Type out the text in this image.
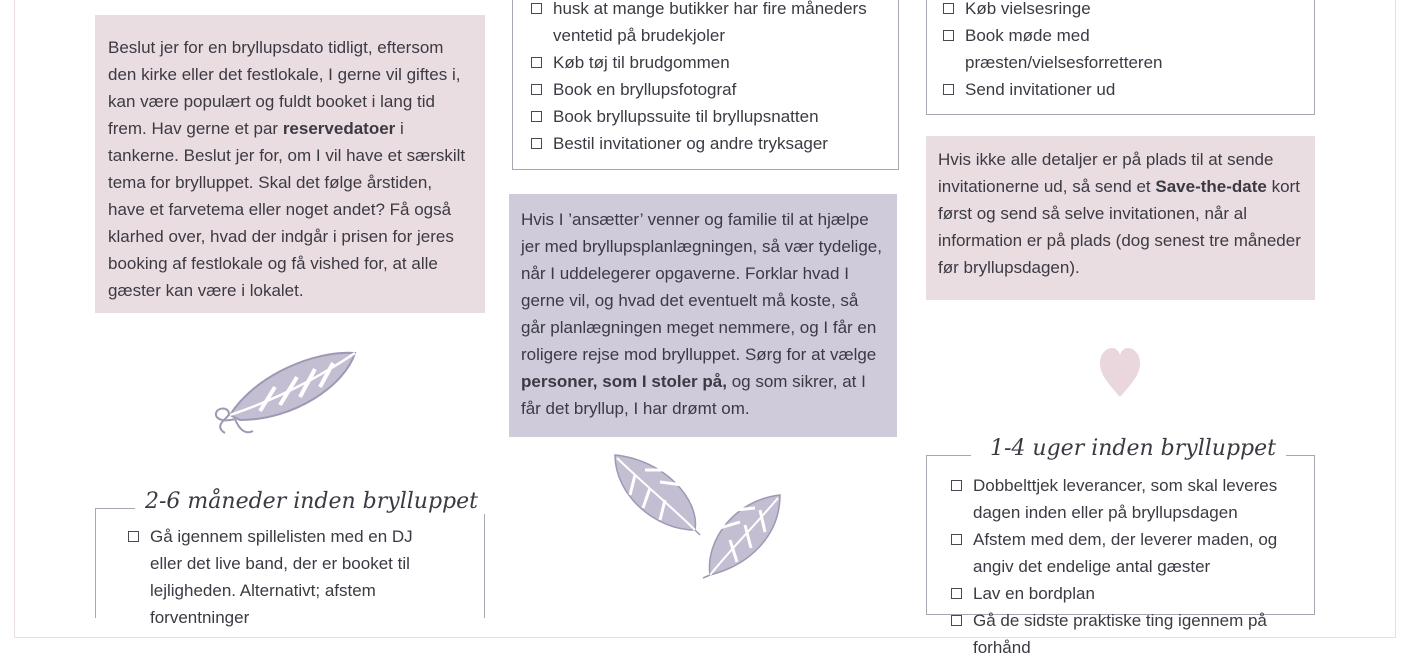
Beslut jer for en bryllupsdato tidligt, eftersom den kirke eller det festlokale, I gerne vil giftes i, kan være populært og fuldt booket i lang tid frem. Hav gerne et par reservedatoer i tankerne. Beslut jer for, om I vil have et særskilt tema for brylluppet. Skal det følge årstiden, have et farvetema eller noget andet? Få også klarhed over, hvad der indgår i prisen for jeres booking af festlokale og få vished for, at alle gæster kan være i lokalet.

husk at mange butikker har fire måneders ventetid på brudekjoler
Køb tøj til brudgommen
Book en bryllupsfotograf
Book bryllupssuite til bryllupsnatten
Bestil invitationer og andre tryksager
Køb vielsesringe
Book møde med præsten/vielsesforretteren
Send invitationer ud

Hvis I ’ansætter’ venner og familie til at hjælpe jer med bryllupsplanlægningen, så vær tydelige, når I uddelegerer opgaverne. Forklar hvad I gerne vil, og hvad det eventuelt må koste, så går planlægningen meget nemmere, og I får en roligere rejse mod brylluppet. Sørg for at vælge personer, som I stoler på, og som sikrer, at I får det bryllup, I har drømt om.

Hvis ikke alle detaljer er på plads til at sende invitationerne ud, så send et Save-the-date kort først og send så selve invitationen, når al information er på plads (dog senest tre måneder før bryllupsdagen).

Dobbelttjek leverancer, som skal leveres dagen inden eller på bryllupsdagen
Afstem med dem, der leverer maden, og angiv det endelige antal gæster
Lav en bordplan
Gå de sidste praktiske ting igennem på forhånd
1-4 uger inden brylluppet
Gå igennem spillelisten med en DJ eller det live band, der er booket til lejligheden. Alternativt; afstem forventninger
2-6 måneder inden brylluppet
